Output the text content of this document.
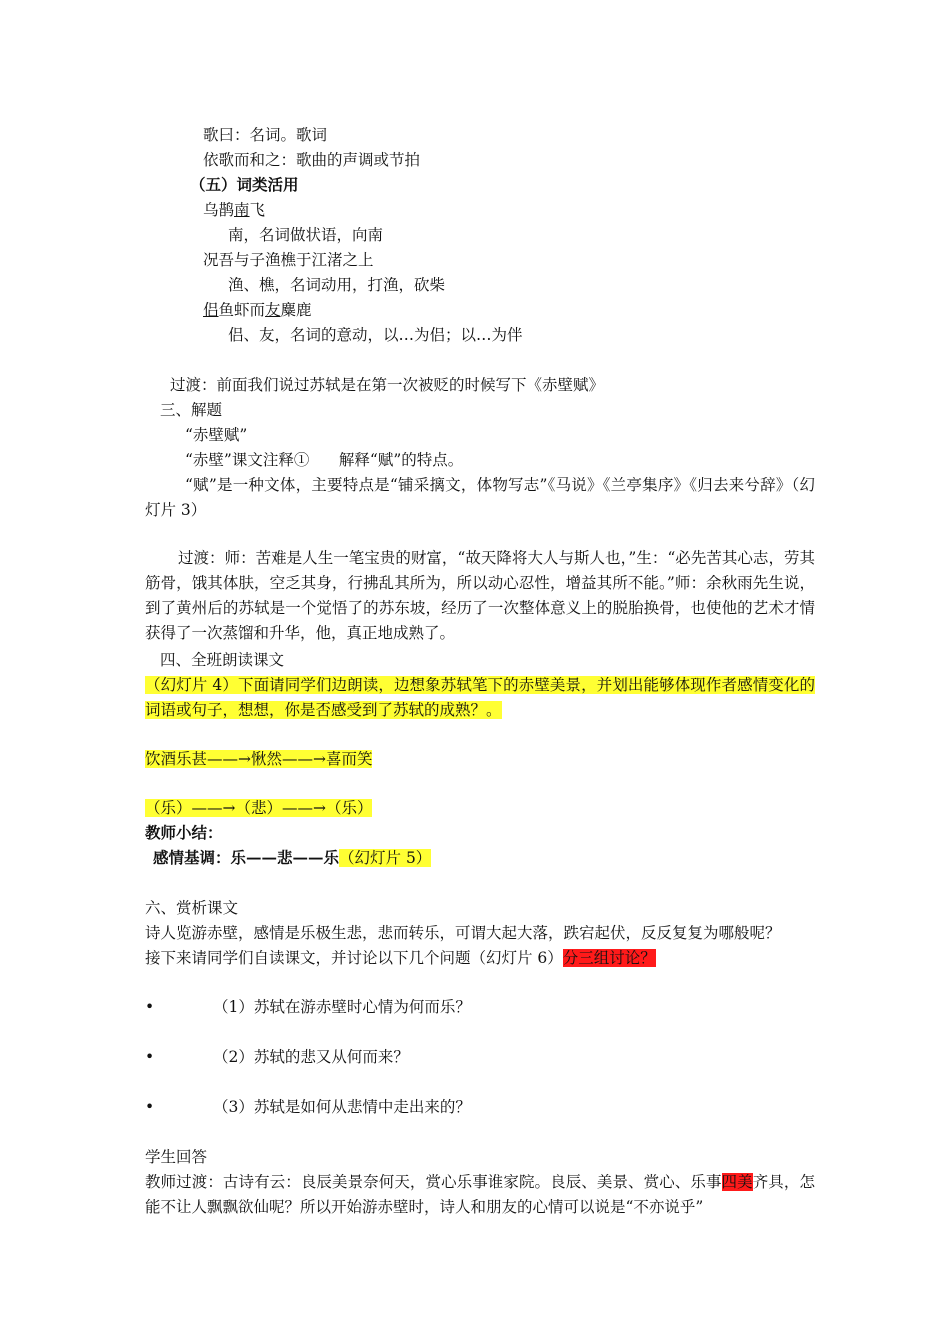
歌曰：名词。歌词
依歌而和之：歌曲的声调或节拍
（五）词类活用
乌鹊南飞
南，名词做状语，向南
况吾与子渔樵于江渚之上
渔、樵，名词动用，打渔，砍柴
侣鱼虾而友麋鹿
侣、友，名词的意动，以…为侣；以…为伴
过渡：前面我们说过苏轼是在第一次被贬的时候写下《赤壁赋》
三、解题
“赤壁赋”
“赤壁”课文注释①      解释“赋”的特点。
“赋”是一种文体，主要特点是“铺采摛文，体物写志”《马说》《兰亭集序》《归去来兮辞》（幻灯片 3）
过渡：师：苦难是人生一笔宝贵的财富，“故天降将大人与斯人也，”生：“必先苦其心志，劳其筋骨，饿其体肤，空乏其身，行拂乱其所为，所以动心忍性，增益其所不能。”师：余秋雨先生说，到了黄州后的苏轼是一个觉悟了的苏东坡，经历了一次整体意义上的脱胎换骨，也使他的艺术才情获得了一次蒸馏和升华，他，真正地成熟了。
四、全班朗读课文
（幻灯片 4）下面请同学们边朗读，边想象苏轼笔下的赤壁美景，并划出能够体现作者感情变化的词语或句子，想想，你是否感受到了苏轼的成熟？。
饮酒乐甚——→愀然——→喜而笑
（乐）——→（悲）——→（乐）
教师小结：
感情基调：乐——悲——乐（幻灯片 5）
六、赏析课文
诗人览游赤壁，感情是乐极生悲，悲而转乐，可谓大起大落，跌宕起伏，反反复复为哪般呢？
接下来请同学们自读课文，并讨论以下几个问题（幻灯片 6）分三组讨论？
•	（1）苏轼在游赤壁时心情为何而乐？
•	（2）苏轼的悲又从何而来？
•	（3）苏轼是如何从悲情中走出来的？
学生回答
教师过渡：古诗有云：良辰美景奈何天，赏心乐事谁家院。良辰、美景、赏心、乐事四美齐具，怎能不让人飘飘欲仙呢？所以开始游赤壁时，诗人和朋友的心情可以说是“不亦说乎”
